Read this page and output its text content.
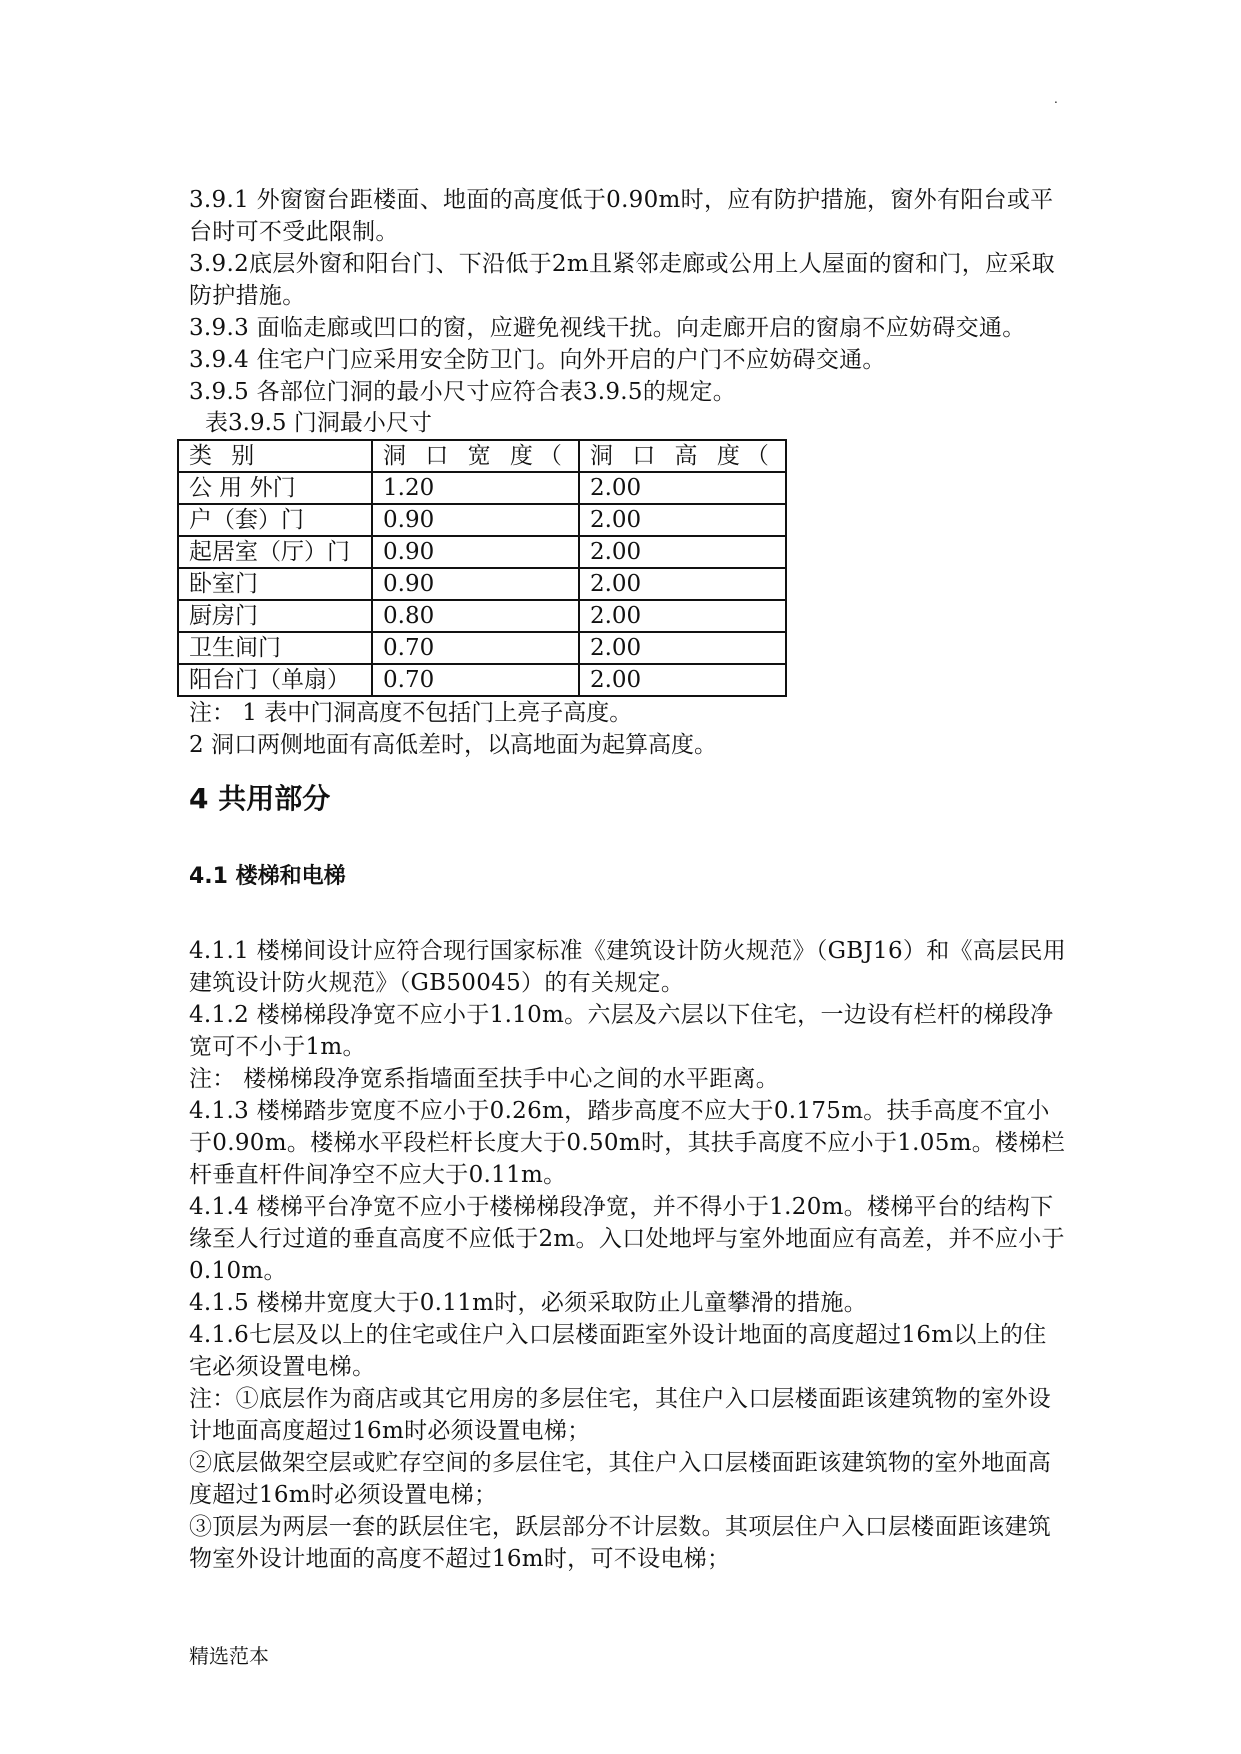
.

3.9.1 外窗窗台距楼面、地面的高度低于0.90m时，应有防护措施，窗外有阳台或平台时可不受此限制。

3.9.2底层外窗和阳台门、下沿低于2m且紧邻走廊或公用上人屋面的窗和门，应采取防护措施。

3.9.3 面临走廊或凹口的窗，应避免视线干扰。向走廊开启的窗扇不应妨碍交通。

3.9.4 住宅户门应采用安全防卫门。向外开启的户门不应妨碍交通。

3.9.5 各部位门洞的最小尺寸应符合表3.9.5的规定。

表3.9.5 门洞最小尺寸

类 别	洞 口 宽 度（	洞 口 高 度（
公 用 外门	1.20	2.00
户（套）门	0.90	2.00
起居室（厅）门	0.90	2.00
卧室门	0.90	2.00
厨房门	0.80	2.00
卫生间门	0.70	2.00
阳台门（单扇）	0.70	2.00

注： 1 表中门洞高度不包括门上亮子高度。

2 洞口两侧地面有高低差时，以高地面为起算高度。

4 共用部分
4.1 楼梯和电梯

4.1.1 楼梯间设计应符合现行国家标准《建筑设计防火规范》（GBJ16）和《高层民用建筑设计防火规范》（GB50045）的有关规定。

4.1.2 楼梯梯段净宽不应小于1.10m。六层及六层以下住宅，一边设有栏杆的梯段净宽可不小于1m。

注： 楼梯梯段净宽系指墙面至扶手中心之间的水平距离。

4.1.3 楼梯踏步宽度不应小于0.26m，踏步高度不应大于0.175m。扶手高度不宜小于0.90m。楼梯水平段栏杆长度大于0.50m时，其扶手高度不应小于1.05m。楼梯栏杆垂直杆件间净空不应大于0.11m。

4.1.4 楼梯平台净宽不应小于楼梯梯段净宽，并不得小于1.20m。楼梯平台的结构下缘至人行过道的垂直高度不应低于2m。入口处地坪与室外地面应有高差，并不应小于0.10m。

4.1.5 楼梯井宽度大于0.11m时，必须采取防止儿童攀滑的措施。

4.1.6七层及以上的住宅或住户入口层楼面距室外设计地面的高度超过16m以上的住宅必须设置电梯。

注：①底层作为商店或其它用房的多层住宅，其住户入口层楼面距该建筑物的室外设计地面高度超过16m时必须设置电梯；

②底层做架空层或贮存空间的多层住宅，其住户入口层楼面距该建筑物的室外地面高度超过16m时必须设置电梯；

③顶层为两层一套的跃层住宅，跃层部分不计层数。其项层住户入口层楼面距该建筑物室外设计地面的高度不超过16m时，可不设电梯；

精选范本
